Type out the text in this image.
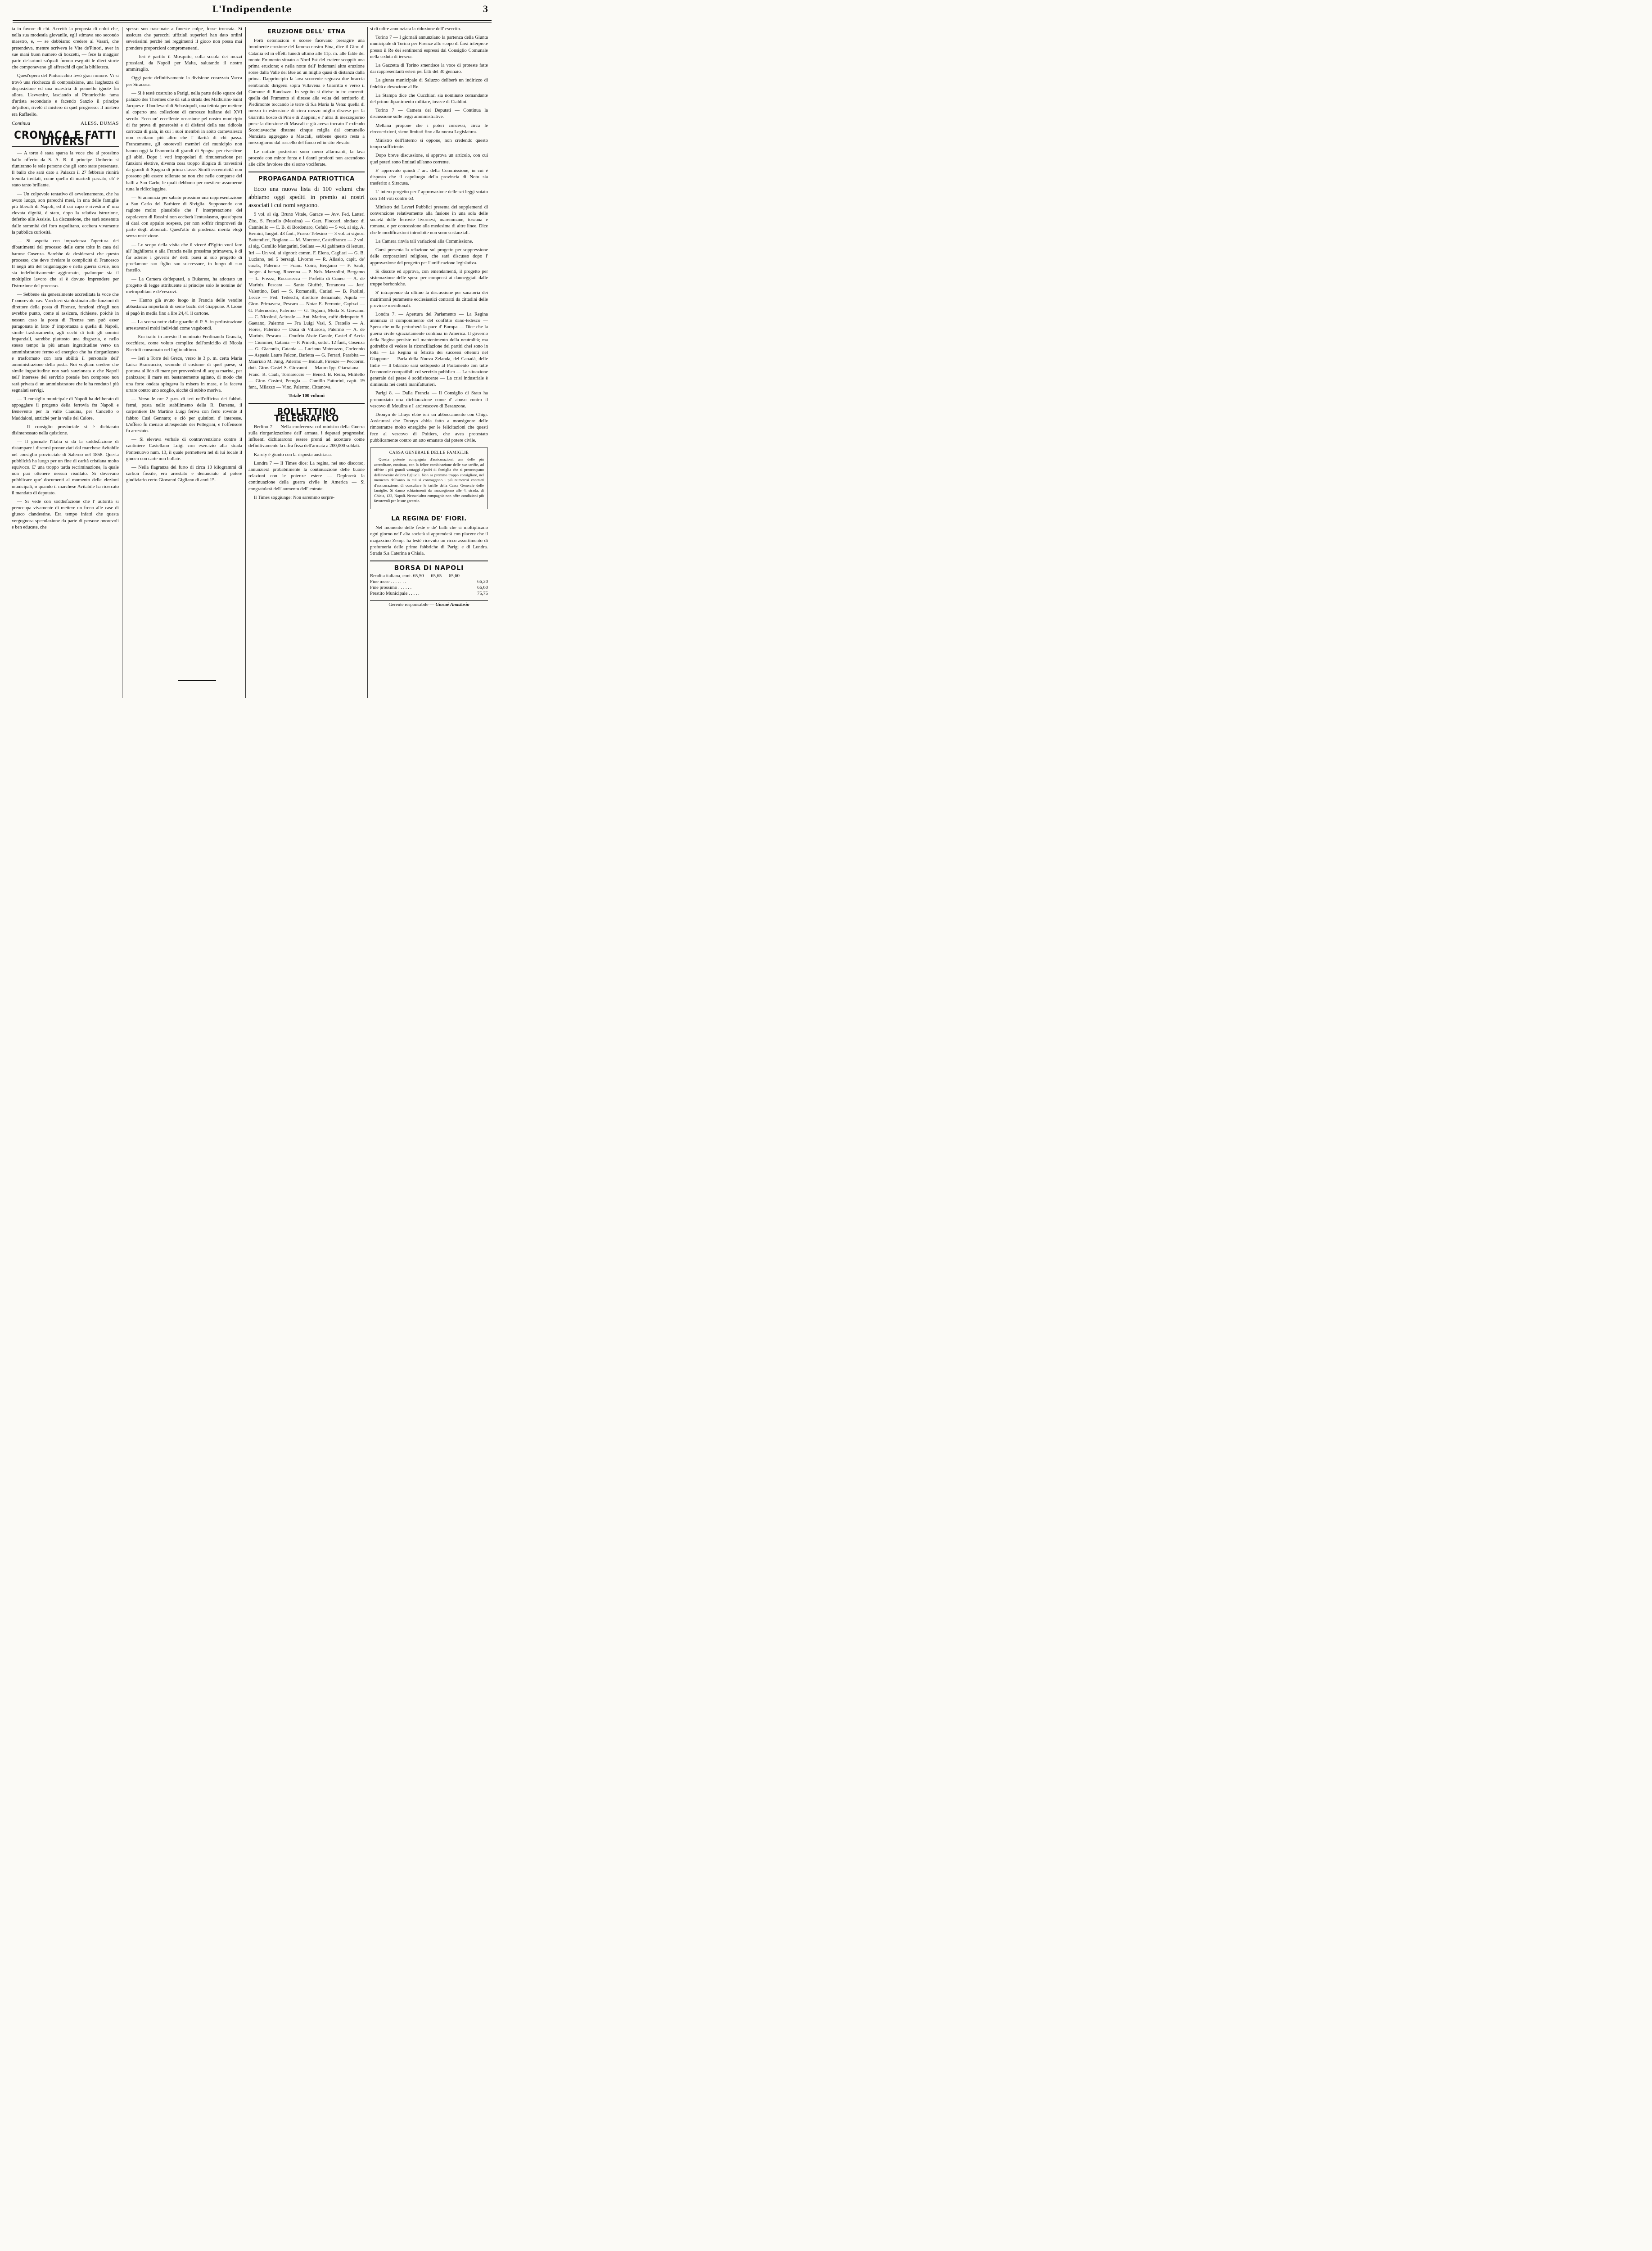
L'Indipendente	3

ta in favore di chi. Accettò la proposta di colui che, nella sua modestia giovanile, egli stimava suo secondo maestro, e, — se dobbiamo credere al Vasari, che pretendeva, mentre scriveva le Vite de'Pittori, aver in sue mani buon numero di bozzetti, — fece la maggior parte de'cartoni su'quali furono eseguiti le dieci storie che componevano gli affreschi di quella biblioteca.

Quest'opera del Pinturicchio levò gran romore. Vi si trovò una ricchezza di composizione, una larghezza di disposizione ed una maestria di pennello ignote fin allora. L'avvenire, lasciando al Pinturicchio fama d'artista secondario e facendo Sanzio il principe de'pittori, rivelò il mistero di quel progresso: il mistero era Raffaello.

Continua	ALESS. DUMAS
CRONACA E FATTI DIVERSI

— A torto è stata sparsa la voce che al prossimo ballo offerto da S. A. R. il principe Umberto si riuniranno le sole persone che gli sono state presentate. Il ballo che sarà dato a Palazzo il 27 febbraio riunirà tremila invitati, come quello di martedì passato, ch' è stato tanto brillante.

— Un colpevole tentativo di avvelenamento, che ha avuto luogo, son parecchi mesi, in una delle famiglie più liberali di Napoli, ed il cui capo è rivestito d' una elevata dignità, è stato, dopo la relativa istruzione, deferito alle Assisie. La discussione, che sarà sostenuta dalle sommità del foro napolitano, eccitera vivamente la pubblica curiosità.

— Si aspetta con impazienza l'apertura dei dibattimenti del processo delle carte tolte in casa del barone Cosenza. Sarebbe da desiderarsi che questo processo, che deve rivelare la complicità di Francesco II negli atti del brigantaggio e nella guerra civile, non sia indefinitivamente aggiornato, qualunque sia il moltiplice lavoro che si è dovuto imprendere per l'istruzione del processo.

— Sebbene sia generalmente accreditata la voce che l' onorevole cav. Vacchieri sia destinato alle funzioni di direttore della posta di Firenze, funzioni ch'egli non avrebbe punto, come si assicura, richieste, poichè in nessun caso la posta di Firenze non può esser paragonata in fatto d' importanza a quella di Napoli, simile traslocamento, agli occhi di tutti gli uomini imparziali, sarebbe piuttosto una disgrazia, e nello stesso tempo la più amara ingratitudine verso un amministratore fermo ed energico che ha riorganizzato e trasformato con rara abilità il personale dell' amministrazione della posta. Noi vogliam credere che simile ingratitudine non sarà sanzionata e che Napoli nell' interesse del servizio postale ben compreso non sarà privata d' un amministratore che le ha renduto i più segnalati servigi.

— Il consiglio municipale di Napoli ha deliberato di appoggiare il progetto della ferrovia fra Napoli e Benevento per la valle Caudina, per Cancello o Maddaloni, anzichè per la valle del Calore.

— Il consiglio provinciale si è dichiarato disinteressato nella quistione.

— Il giornale l'Italia si dà la soddisfazione di ristampare i discorsi pronunziati dal marchese Avitabile nel consiglio provinciale di Salerno nel 1858. Questa pubblicità ha luogo per un fine di carità cristiana molto equivoco. E' una troppo tarda recriminazione, la quale non può ottenere nessun risultato. Si dovevano pubblicare que' documenti al momento delle elezioni municipali, o quando il marchese Avitabile ha ricercato il mandato di deputato.

— Si vede con soddisfazione che l' autorità si preoccupa vivamente di mettere un freno alle case di giuoco clandestine. Era tempo infatti che questa vergognosa speculazione da parte di persone onorevoli e ben educate, che

spesso son trascinate a funeste colpe, fosse troncata. Si assicura che parecchi uffiziali superiori han dato ordini severissimi perchè nei reggimenti il gioco non possa mai prendere proporzioni compromettenti.

— Ieri è partito il Mosquito, colla scuola dei mozzi prussiani, da Napoli per Malta, salutando il nostro ammiraglio.

Oggi parte definitivamente la divisione corazzata Vacca per Siracusa.

— Si è testè costruito a Parigi, nella parte dello square del palazzo des Thermes che dà sulla strada des Mathurins-Saint Jacques e il boulevard di Sebastopoli, una tettoia per mettere al coperto una collezione di carrozze italiane del XVI secolo. Ecco un' eccellente occasione pel nostro municipio di far prova di generosità e di disfarsi della sua ridicola carrozza di gala, in cui i suoi membri in abito carnevalesco non eccitano più altro che l' ilarità di chi passa. Francamente, gli onorevoli membri del municipio non hanno oggi la fisonomia di grandi di Spagna per rivestirne gli abiti. Dopo i voti impopolari di rimunerazione per funzioni elettive, diventa cosa troppo illogica di travestirsi da grandi di Spagna di prima classe. Simili eccentricità non possono più essere tollerate se non che nelle comparse dei balli a San Carlo, le quali debbono per mestiere assumerne tutta la ridicolaggine.

— Si annunzia per sabato prossimo una rappresentazione a San Carlo del Barbiere di Siviglia. Supponendo con ragione molto plausibile che l' interpretazione del capolavoro di Rossini non ecciterà l'entusiasmo, quest'opera si darà con appalto sospeso, per non soffrir rimproveri da parte degli abbonati. Quest'atto di prudenza merita elogi senza restrizione.

— Lo scopo della visita che il viceré d'Egitto vuol fare all' Inghilterra e alla Francia nella prossima primavera, è di far aderire i governi de' detti paesi al suo progetto di proclamare suo figlio suo successore, in luogo di suo fratello.

— La Camera de'deputati, a Bukarest, ha adottato un progetto di legge attribuente al principe solo le nomine de' metropolitani e de'vescovi.

— Hanno già avuto luogo in Francia delle vendite abbastanza importanti di seme bachi del Giappone. A Lione si pagò in media fino a lire 24,41 il cartone.

— La scorsa notte dalle guardie di P. S. in perlustrazione arrestavansi molti individui come vagabondi.

— Era tratto in arresto il nominato Ferdinando Granata, cocchiere, come voluto complice dell'omicidio di Nicola Riccioli consumato nel luglio ultimo.

— Ieri a Torre del Greco, verso le 3 p. m. certa Maria Luisa Brancaccio, secondo il costume di quel paese, si portava al lido di mare per provvedersi di acqua marina, per panizzare; il mare era bastantemente agitato, di modo che una forte ondata spingeva la misera in mare, e la faceva urtare contro uno scoglio, sicchè di subito moriva.

— Verso le ore 2 p.m. di ieri nell'officina dei fabbri-ferrai, posta nello stabilimento della R. Darsena, il carpentiere De Martino Luigi feriva con ferro rovente il fabbro Cusi Gennaro; e ciò per quistioni d' interesse. L'offeso fu menato all'ospedale dei Pellegrini, e l'offensore fu arrestato.

— Si elevava verbale di contravvenzione contro il cantiniere Castellano Luigi con esercizio alla strada Pontenuovo num. 13, il quale permetteva nel di lui locale il giuoco con carte non bollate.

— Nella flagranza del furto di circa 10 kilogrammi di carbon fossile, era arrestato e denunciato al potere giudiziario certo Giovanni Gigliano di anni 15.

ERUZIONE DELL' ETNA

Forti detonazioni e scosse facevano presagire una imminente eruzione del famoso nostro Etna, dice il Gior. di Catania ed in effetti lunedì ultimo alle 11p. m. alle falde del monte Frumento situato a Nord Est del cratere scoppiò una prima eruzione; e nella notte dell' indomani altra eruzione sorse dalla Valle del Bue ad un miglio quasi di distanza dalla prima. Dapprincipio la lava scorrente segnava due braccia sembrando dirigersi sopra Villavena e Giarritta e verso il Comune di Randazzo. In seguito si divise in tre correnti: quella del Frumento si diresse alla volta del territorio di Piedimonte toccando le terre di S.a Maria la Vena: quella di mezzo in estensione di circa mezzo miglio discese per la Giarritta bosco di Pini e di Zappini; e l' altra di mezzogiorno prese la direzione di Mascali e già aveva toccato l' exfeudo Scorciavacche distante cinque miglia dal comunello Nunziata aggregato a Mascali, sebbene questo resta a mezzogiorno dal ruscello del fuoco ed in sito elevato.

Le notizie posteriori sono meno allarmanti, la lava procede con minor forza e i danni prodotti non ascendono alle cifre favolose che si sono vociferate.

PROPAGANDA PATRIOTTICA

Ecco una nuova lista di 100 volumi che abbiamo oggi spediti in premio ai nostri associati i cui nomi seguono.

9 vol. al sig. Bruno Vitale, Garace — Avv. Fed. Latteri Zito, S. Fratello (Messina) — Gaet. Floccari, sindaco di Cannitello — C. B. di Bordonaro, Cefalù — 5 vol. al sig. A. Bernini, luogot. 43 fant., Frasso Telesino — 3 vol. ai signori Battendieri, Rogiano — M. Morcone, Castelfranco — 2 vol. al sig. Camillo Mangarini, Stellata — Al gabinetto di lettura, Itri — Un vol. ai signori: comm. F. Elena, Cagliari — G. B. Luciano, nel 5 bersagl. Livorno — R. Allasio, capit. de' carab., Palermo — Franc. Coira, Bergamo — F. Sauli, luogot. 4 bersag. Ravenna — P. Nob. Mazzolini, Bergamo — L. Frezza, Roccasecca — Prefetto di Cuneo — A. de Marinis, Pescara — Santo Giuffrè, Terranova — Jetri Valentino, Bari — S. Romanelli, Cariati — B. Paolini, Lecce — Fed. Tedeschi, direttore demaniale, Aquila — Giov. Primavera, Pescara — Notar E. Ferrante, Capizzi — G. Paternostro, Palermo — G. Tegami, Motta S. Giovanni — C. Nicolosi, Acireale — Ant. Marino, caffè dirimpetto S. Gaetano, Palermo — Fra Luigi Vasi, S. Fratello — A. Flores, Palermo — Duca di Villarosa, Palermo — A. de Marinis, Pescara — Onofrio Abate Canale, Castel d' Accia — Ciummei, Catania — P. Prinetti, sottot. 12 fant., Cosenza — G. Giaconia, Catania — Luciano Materazzo, Corleonio — Aspasia Lauro Falcon, Barletta — G. Ferrari, Parabita — Maurizio M. Jung, Palermo — Bidault, Firenze — Peccorini dott. Giov. Castel S. Giovanni — Mauro Ipp. Giarratana — Franc. B. Cauli, Tornareccio — Bened. B. Reina, Militello — Giov. Cosimi, Perugia — Camillo Fattorini, capit. 19 fant., Milazzo — Vinc. Palermo, Cittanova.

Totale 100 volumi
BOLLETTINO TELEGRAFICO

Berlino 7 — Nella conferenza col ministro della Guerra sulla riorganizzazione dell' armata, i deputati progressisti influenti dichiararono essere pronti ad accettare come definitivamente la cifra fissa dell'armata a 200,000 soldati.

Karoly è giunto con la risposta austriaca.

Londra 7 — Il Times dice: La regina, nel suo discorso, annunzierà probabilmente la continuazione delle buone relazioni con le potenze estere — Deplorerà la continuazione della guerra civile in America — Si congratulerà dell' aumento dell' entrate.

Il Times soggiunge: Non saremmo sorpre-

si di udire annunziata la riduzione dell' esercito.

Torino 7 — I giornali annunziano la partenza della Giunta municipale di Torino per Firenze allo scopo di farsi interprete presso il Re dei sentimenti espressi dal Consiglio Comunale nella seduta di iersera.

La Gazzetta di Torino smentisce la voce di proteste fatte dai rappresentanti esteri pei fatti del 30 gennaio.

La giunta municipale di Saluzzo deliberò un indirizzo di fedeltà e devozione al Re.

La Stampa dice che Cucchiari sia nominato comandante del primo dipartimento militare, invece di Cialdini.

Torino 7 — Camera dei Deputati — Continua la discussione sulle leggi amministrative.

Mellana propone che i poteri concessi, circa le circoscrizioni, sieno limitati fino alla nuova Legislatura.

Ministro dell'Interno si oppone, non credendo questo tempo sufficiente.

Dopo breve discussione, si approva un articolo, con cui quei poteri sono limitati all'anno corrente.

E' approvato quindi l' art. della Commissione, in cui è disposto che il capoluogo della provincia di Noto sia trasferito a Siracusa.

L' intero progetto per l' approvazione delle sei leggi votato con 184 voti contro 63.

Ministro dei Lavori Pubblici presenta dei supplementi di convenzione relativamente alla fusione in una sola delle società delle ferrovie livornesi, maremmane, toscana e romana, e per concessione alla medesima di altre linee. Dice che le modificazioni introdotte non sono sostanziali.

La Camera rinvia tali variazioni alla Commissione.

Corsi presenta la relazione sul progetto per soppressione delle corporazioni religiose, che sarà discusso dopo l' approvazione del progetto per l' unificazione legislativa.

Si discute ed approva, con emendamenti, il progetto per sistemazione delle spese per compensi ai danneggiati dalle truppe borboniche.

S' intraprende da ultimo la discussione per sanatoria dei matrimonii puramente ecclesiastici contratti da cittadini delle province meridionali.

Londra 7. — Apertura del Parlamento — La Regina annunzia il componimento del conflitto dano-tedesco — Spera che nulla perturberà la pace d' Europa — Dice che la guerra civile sgraziatamente continua in America. Il governo della Regina persiste nel mantenimento della neutralità; ma godrebbe di vedere la riconciliazione dei partiti chei sono in lotta — La Regina si felicita dei successi ottenuti nel Giappone — Parla della Nuova Zelanda, del Canadà, delle Indie — Il bilancio sarà sottoposto al Parlamento con tutte l'economie compatibili col servizio pubblico — La situazione generale del paese è soddisfacente — La crisi industriale è diminuita nei centri manifatturieri.

Parigi 8. — Dalla Francia — Il Consiglio di Stato ha pronunziato una dichiarazione come d' abuso contro il vescovo di Moulins e l' arcivescovo di Besanzone.

Drouyn de Lhuys ebbe ieri un abboccamento con Chigi. Assicurasi che Drouyn abbia fatto a monsignore delle rimostranze molto energiche per le felicitazioni che questi fece al vescovo di Poitiers, che avea protestato pubblicamente contro un atto emanato dal potere civile.

CASSA GENERALE DELLE FAMIGLIE

Questa potente compagnia d'assicurazioni, una delle più accreditate, continua, con la felice combinazione delle sue tariffe, ad offrire i più grandi vantaggi a'padri di famiglia che si preoccupano dell'avvenire de'loro figliuoli. Non sa premmo troppo consigliare, nel momento dell'anno in cui si contraggono i più numerosi contratti d'assicurazione, di consultare le tariffe della Cassa Generale delle famiglie. Si danno schiarimenti da mezzogiorno alle 4, strada, di Chiaia, 123, Napoli. Nessun'altra compagnia non offre condizioni più favorevoli per le sue garentie.

LA REGINA DE' FIORI.

Nel momento delle feste e de' balli che si moltiplicano ogni giorno nell' alta società si apprenderà con piacere che il magazzino Zempt ha testè ricevuto un ricco assortimento di profumeria delle prime fabbriche di Parigi e di Londra. Strada S.a Caterina a Chiaia.

BORSA DI NAPOLI
Rendita italiana, cont. 65,50 — 65,65 — 65,60	
Fine mese . . . . . . .	66,20
Fine prossimo . . . . . .	66,60
Prestito Municipale . . . . .	75,75
Gerente responsabile — Giosuè Anastasio
